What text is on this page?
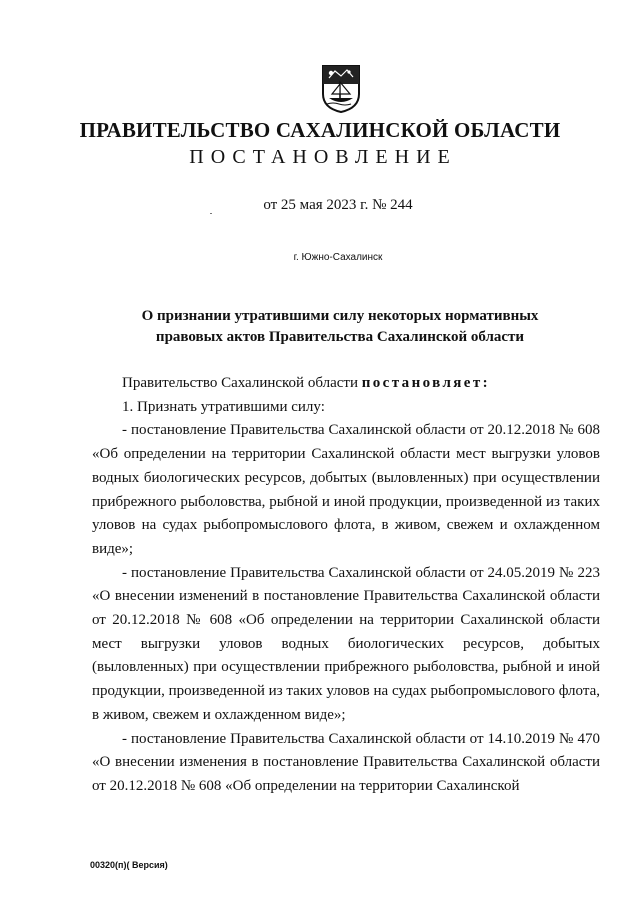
ПРАВИТЕЛЬСТВО САХАЛИНСКОЙ ОБЛАСТИ
ПОСТАНОВЛЕНИЕ
от 25 мая 2023 г. № 244
г. Южно-Сахалинск
О признании утратившими силу некоторых нормативных
правовых актов Правительства Сахалинской области

Правительство Сахалинской области постановляет:

1. Признать утратившими силу:

- постановление Правительства Сахалинской области от 20.12.2018 № 608 «Об определении на территории Сахалинской области мест выгрузки уловов водных биологических ресурсов, добытых (выловленных) при осуществлении прибрежного рыболовства, рыбной и иной продукции, произведенной из таких уловов на судах рыбопромыслового флота, в живом, свежем и охлажденном виде»;

- постановление Правительства Сахалинской области от 24.05.2019 № 223 «О внесении изменений в постановление Правительства Сахалинской области от 20.12.2018 № 608 «Об определении на территории Сахалинской области мест выгрузки уловов водных биологических ресурсов, добытых (выловленных) при осуществлении прибрежного рыболовства, рыбной и иной продукции, произведенной из таких уловов на судах рыбопромыслового флота, в живом, свежем и охлажденном виде»;

- постановление Правительства Сахалинской области от 14.10.2019 № 470 «О внесении изменения в постановление Правительства Сахалинской области от 20.12.2018 № 608 «Об определении на территории Сахалинской

00320(п)( Версия)
